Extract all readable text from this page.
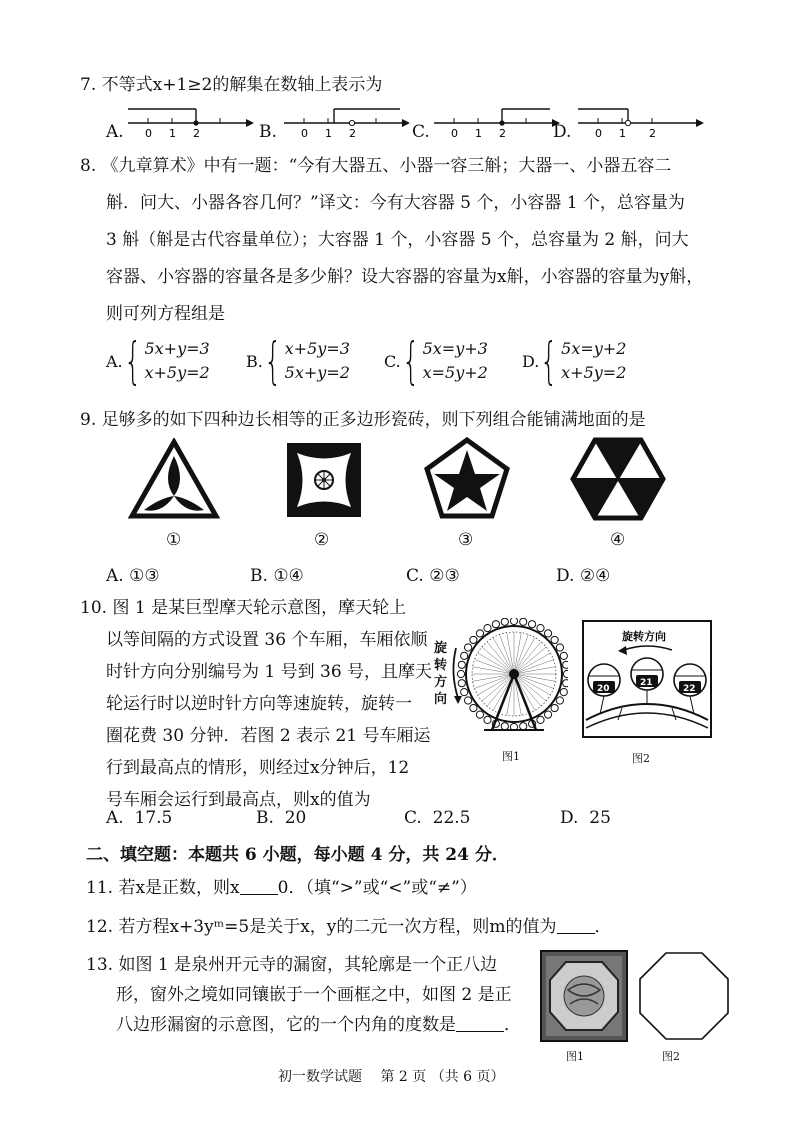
7. 不等式x+1≥2的解集在数轴上表示为
A. 0 1 2	B. 0 1 2	C. 0 1 2	D. 0 1 2
8. 《九章算术》中有一题：“今有大器五、小器一容三斛；大器一、小器五容二
斛．问大、小器各容几何？”译文：今有大容器 5 个，小容器 1 个，总容量为
3 斛（斛是古代容量单位）；大容器 1 个，小容器 5 个，总容量为 2 斛，问大
容器、小容器的容量各是多少斛？设大容器的容量为x斛，小容器的容量为y斛，
则可列方程组是
A. { 5x+y=3
x+5y=2
B. { x+5y=3
5x+y=2
C. { 5x=y+3
x=5y+2
D. { 5x=y+2
x+5y=2
9. 足够多的如下四种边长相等的正多边形瓷砖，则下列组合能铺满地面的是
①	②	③	④
A. ①③	B. ①④	C. ②③	D. ②④
10. 图 1 是某巨型摩天轮示意图，摩天轮上
以等间隔的方式设置 36 个车厢，车厢依顺
时针方向分别编号为 1 号到 36 号，且摩天
轮运行时以逆时针方向等速旋转，旋转一
圈花费 30 分钟．若图 2 表示 21 号车厢运
行到最高点的情形，则经过x分钟后，12
号车厢会运行到最高点，则x的值为
旋
转
方
向
图1
旋转方向
20
21
22
图2
A. 17.5	B. 20	C. 22.5	D. 25
二、填空题：本题共 6 小题，每小题 4 分，共 24 分．
11. 若x是正数，则x 0．（填“>”或“<”或“≠”）
12. 若方程x+3yᵐ=5是关于x，y的二元一次方程，则m的值为 ．
13. 如图 1 是泉州开元寺的漏窗，其轮廓是一个正八边
形，窗外之境如同镶嵌于一个画框之中，如图 2 是正
八边形漏窗的示意图，它的一个内角的度数是	．
图1	图2
初一数学试题　 第 2 页 （共 6 页）
